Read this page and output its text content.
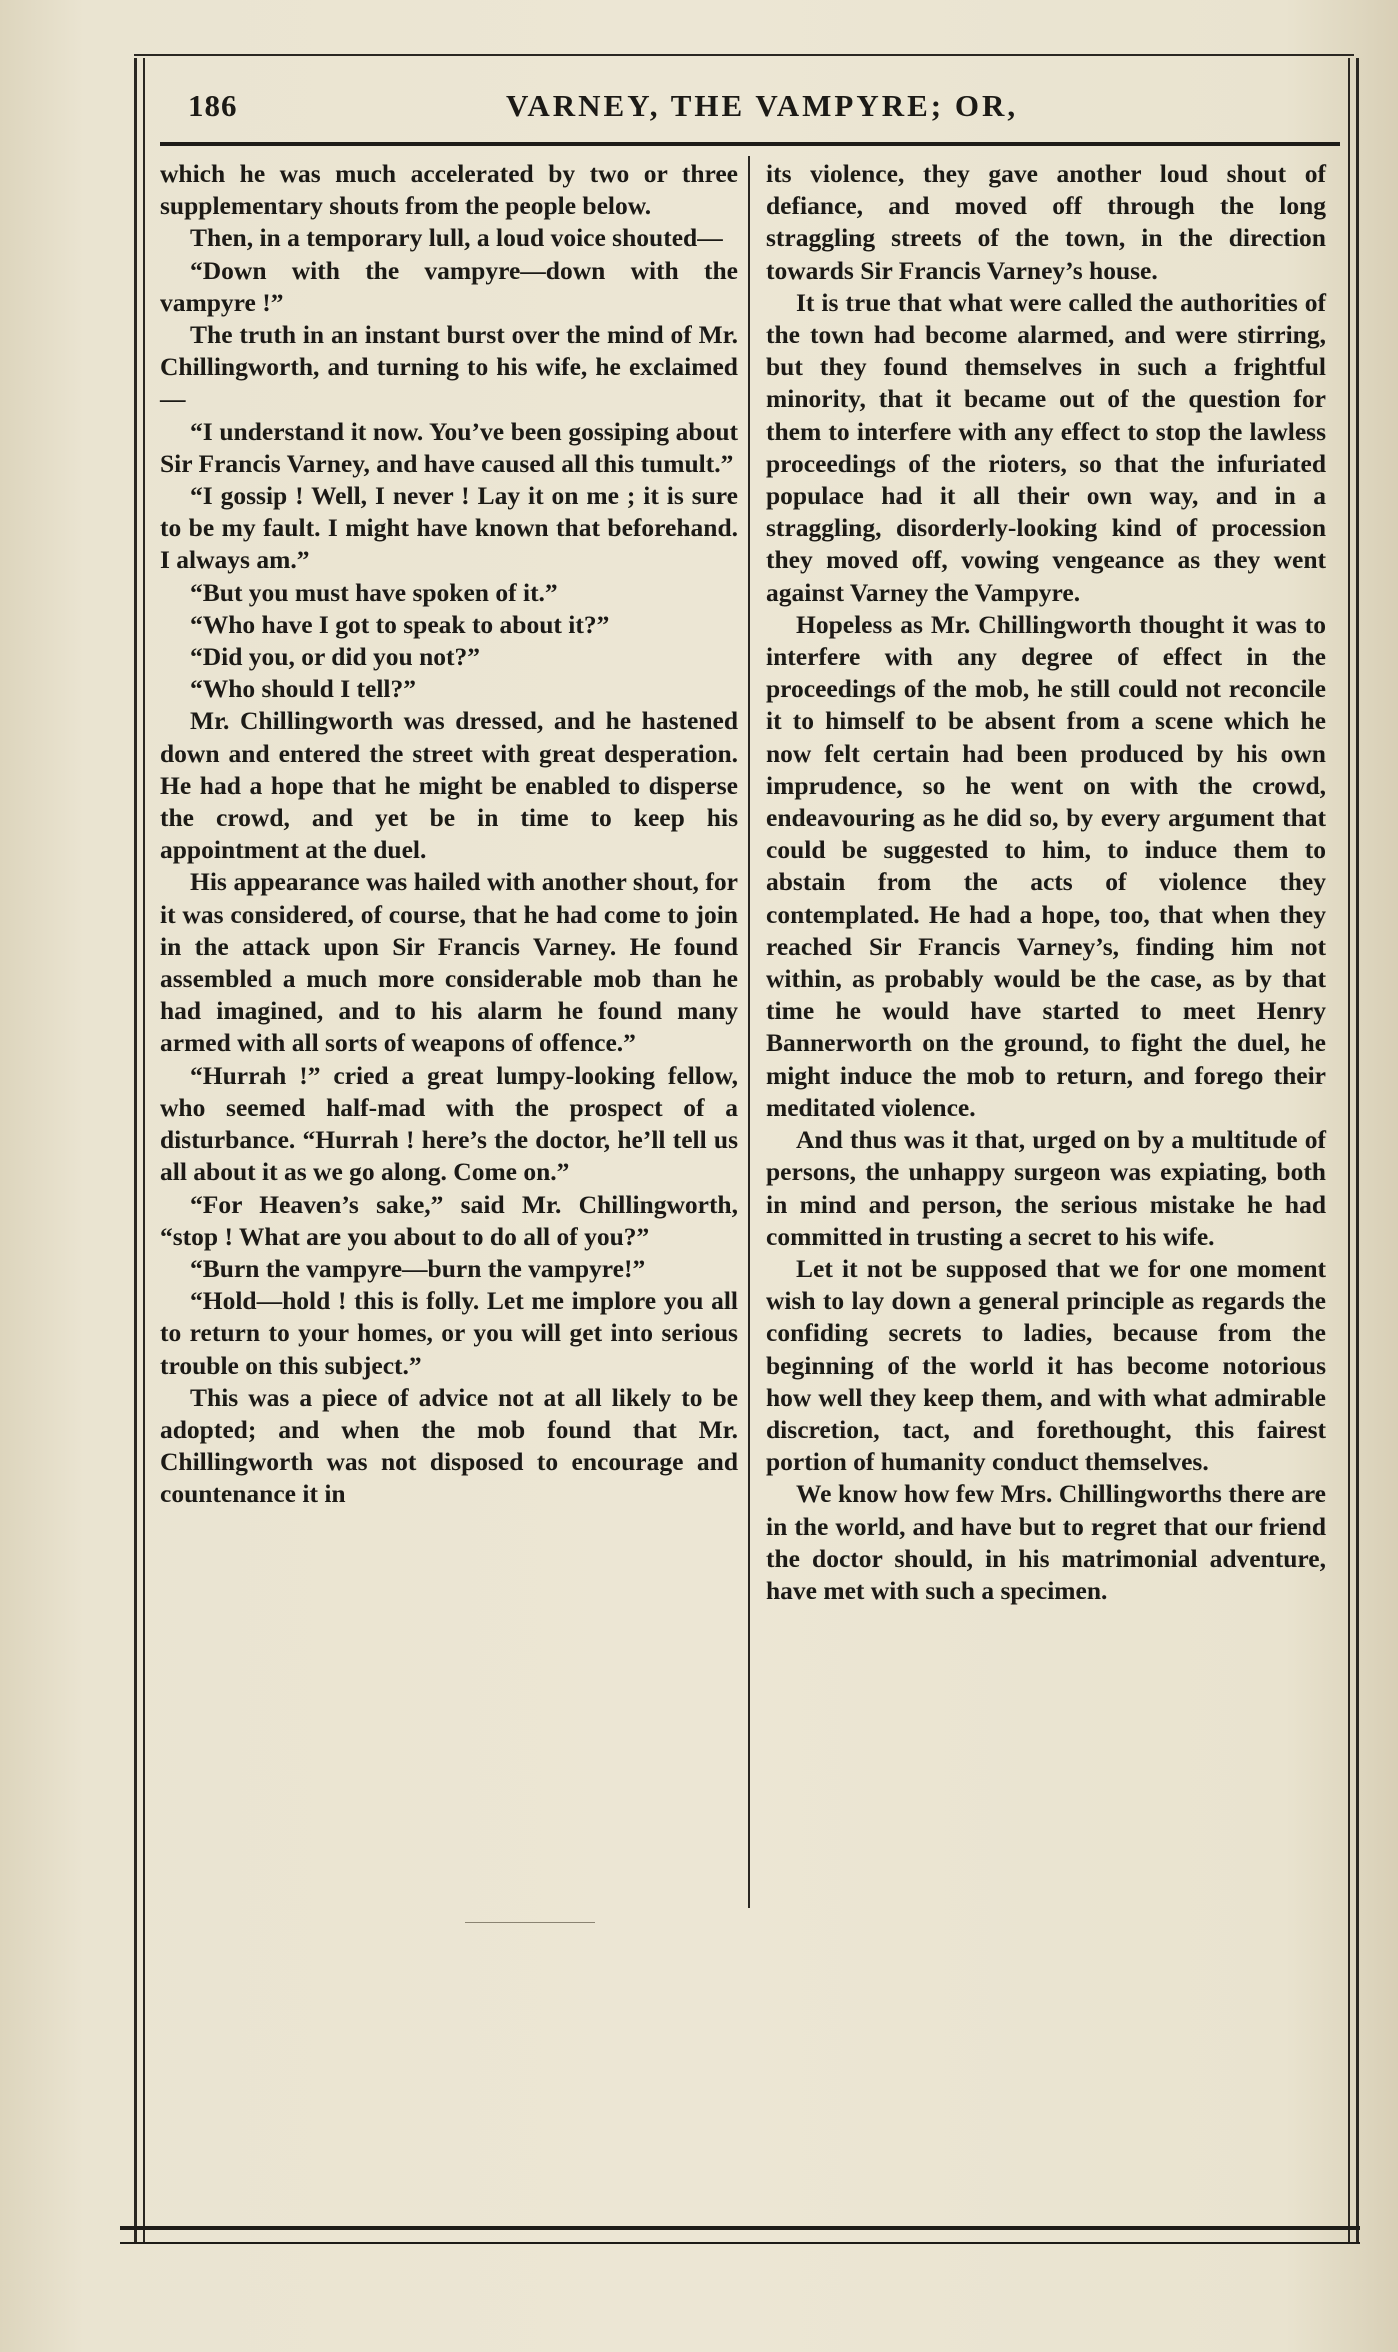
186	VARNEY, THE VAMPYRE; OR,

which he was much accelerated by two or three supplementary shouts from the people below.

Then, in a temporary lull, a loud voice shouted—

“Down with the vampyre—down with the vampyre !”

The truth in an instant burst over the mind of Mr. Chillingworth, and turning to his wife, he exclaimed—

“I understand it now. You’ve been gossiping about Sir Francis Varney, and have caused all this tumult.”

“I gossip ! Well, I never ! Lay it on me ; it is sure to be my fault. I might have known that beforehand. I always am.”

“But you must have spoken of it.”

“Who have I got to speak to about it?”

“Did you, or did you not?”

“Who should I tell?”

Mr. Chillingworth was dressed, and he hastened down and entered the street with great desperation. He had a hope that he might be enabled to disperse the crowd, and yet be in time to keep his appointment at the duel.

His appearance was hailed with another shout, for it was considered, of course, that he had come to join in the attack upon Sir Francis Varney. He found assembled a much more considerable mob than he had imagined, and to his alarm he found many armed with all sorts of weapons of offence.”

“Hurrah !” cried a great lumpy-looking fellow, who seemed half-mad with the prospect of a disturbance. “Hurrah ! here’s the doctor, he’ll tell us all about it as we go along. Come on.”

“For Heaven’s sake,” said Mr. Chillingworth, “stop ! What are you about to do all of you?”

“Burn the vampyre—burn the vampyre!”

“Hold—hold ! this is folly. Let me implore you all to return to your homes, or you will get into serious trouble on this subject.”

This was a piece of advice not at all likely to be adopted; and when the mob found that Mr. Chillingworth was not disposed to encourage and countenance it in

its violence, they gave another loud shout of defiance, and moved off through the long straggling streets of the town, in the direction towards Sir Francis Varney’s house.

It is true that what were called the authorities of the town had become alarmed, and were stirring, but they found themselves in such a frightful minority, that it became out of the question for them to interfere with any effect to stop the lawless proceedings of the rioters, so that the infuriated populace had it all their own way, and in a straggling, disorderly-looking kind of procession they moved off, vowing vengeance as they went against Varney the Vampyre.

Hopeless as Mr. Chillingworth thought it was to interfere with any degree of effect in the proceedings of the mob, he still could not reconcile it to himself to be absent from a scene which he now felt certain had been produced by his own imprudence, so he went on with the crowd, endeavouring as he did so, by every argument that could be suggested to him, to induce them to abstain from the acts of violence they contemplated. He had a hope, too, that when they reached Sir Francis Varney’s, finding him not within, as probably would be the case, as by that time he would have started to meet Henry Bannerworth on the ground, to fight the duel, he might induce the mob to return, and forego their meditated violence.

And thus was it that, urged on by a multitude of persons, the unhappy surgeon was expiating, both in mind and person, the serious mistake he had committed in trusting a secret to his wife.

Let it not be supposed that we for one moment wish to lay down a general principle as regards the confiding secrets to ladies, because from the beginning of the world it has become notorious how well they keep them, and with what admirable discretion, tact, and forethought, this fairest portion of humanity conduct themselves.

We know how few Mrs. Chillingworths there are in the world, and have but to regret that our friend the doctor should, in his matrimonial adventure, have met with such a specimen.
